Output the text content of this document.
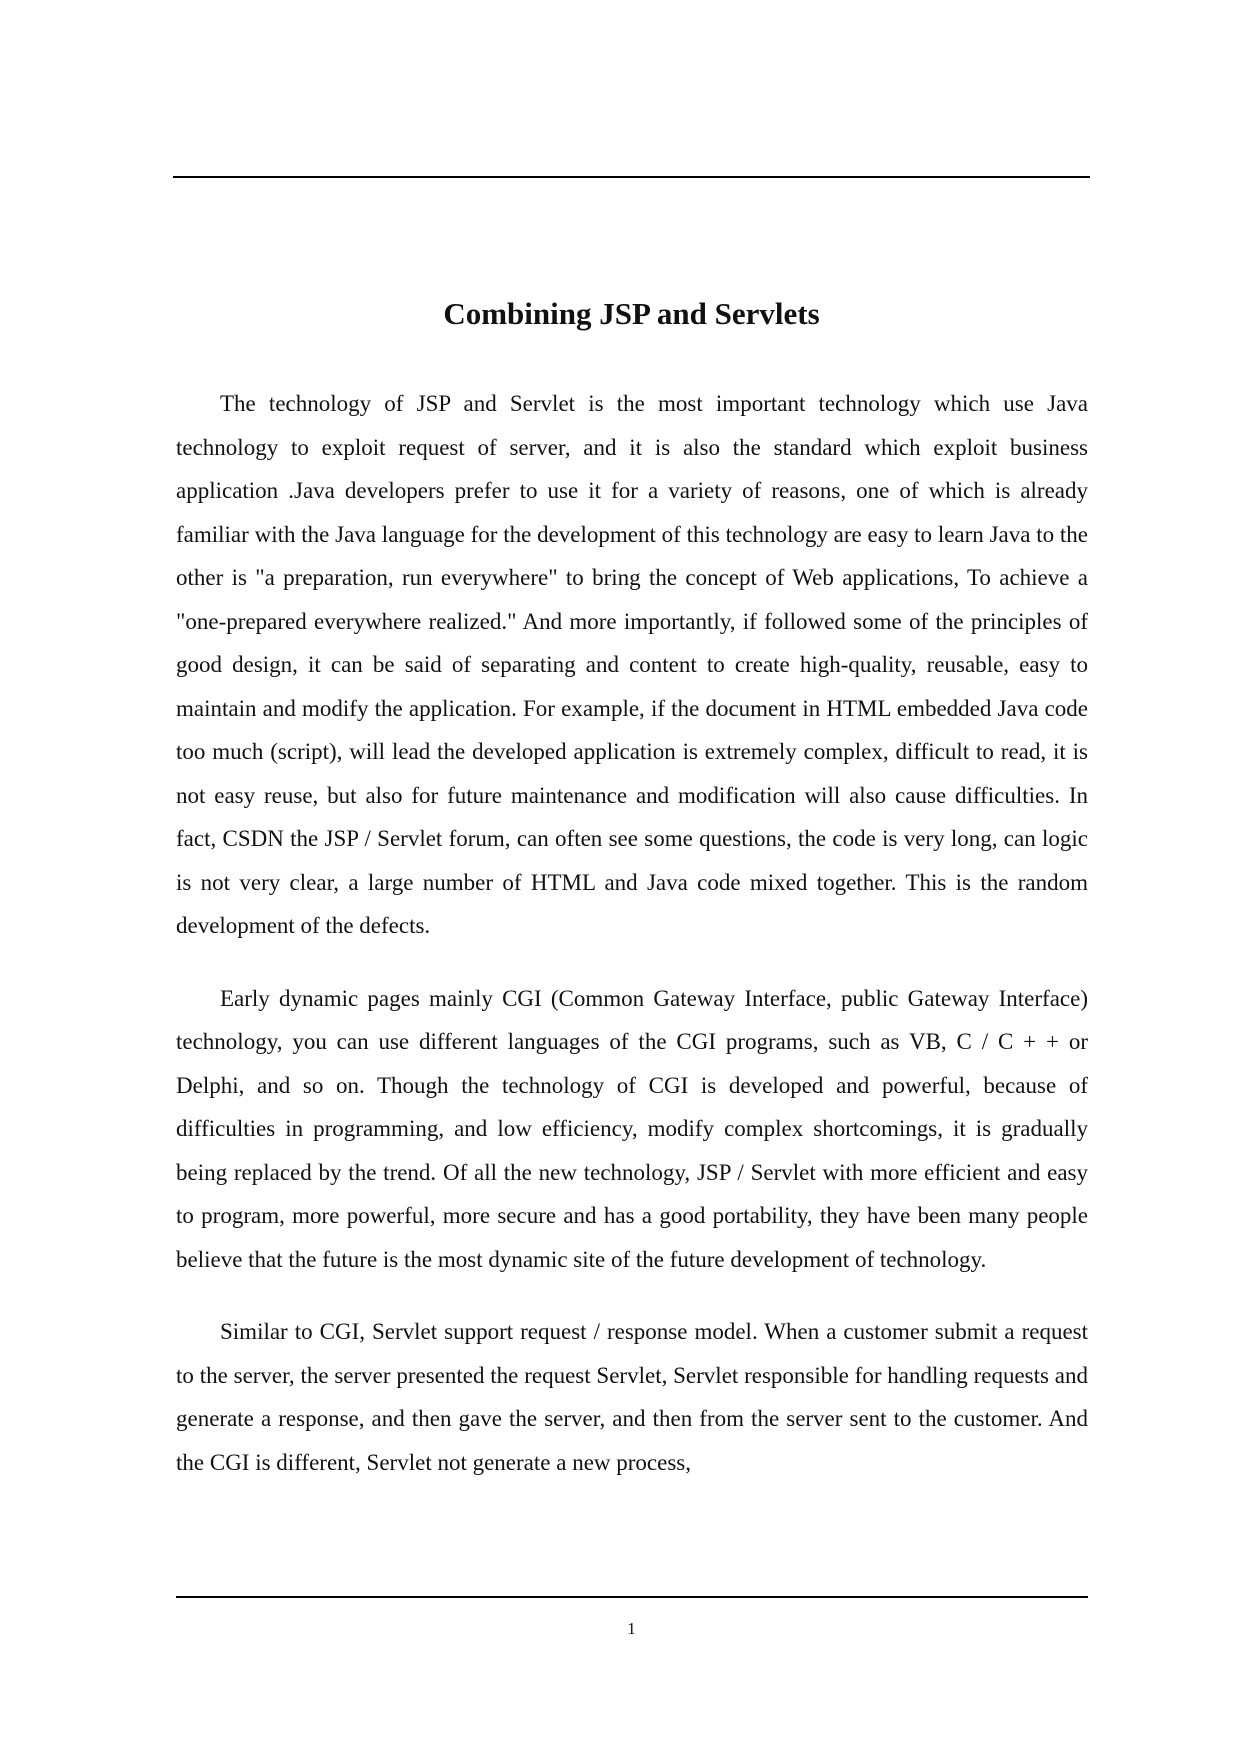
Combining JSP and Servlets

The technology of JSP and Servlet is the most important technology which use Java technology to exploit request of server, and it is also the standard which exploit business application .Java developers prefer to use it for a variety of reasons, one of which is already familiar with the Java language for the development of this technology are easy to learn Java to the other is "a preparation, run everywhere" to bring the concept of Web applications, To achieve a "one-prepared everywhere realized." And more importantly, if followed some of the principles of good design, it can be said of separating and content to create high-quality, reusable, easy to maintain and modify the application. For example, if the document in HTML embedded Java code too much (script), will lead the developed application is extremely complex, difficult to read, it is not easy reuse, but also for future maintenance and modification will also cause difficulties. In fact, CSDN the JSP / Servlet forum, can often see some questions, the code is very long, can logic is not very clear, a large number of HTML and Java code mixed together. This is the random development of the defects.

Early dynamic pages mainly CGI (Common Gateway Interface, public Gateway Interface) technology, you can use different languages of the CGI programs, such as VB, C / C + + or Delphi, and so on. Though the technology of CGI is developed and powerful, because of difficulties in programming, and low efficiency, modify complex shortcomings, it is gradually being replaced by the trend. Of all the new technology, JSP / Servlet with more efficient and easy to program, more powerful, more secure and has a good portability, they have been many people believe that the future is the most dynamic site of the future development of technology.

Similar to CGI, Servlet support request / response model. When a customer submit a request to the server, the server presented the request Servlet, Servlet responsible for handling requests and generate a response, and then gave the server, and then from the server sent to the customer. And the CGI is different, Servlet not generate a new process,

1
